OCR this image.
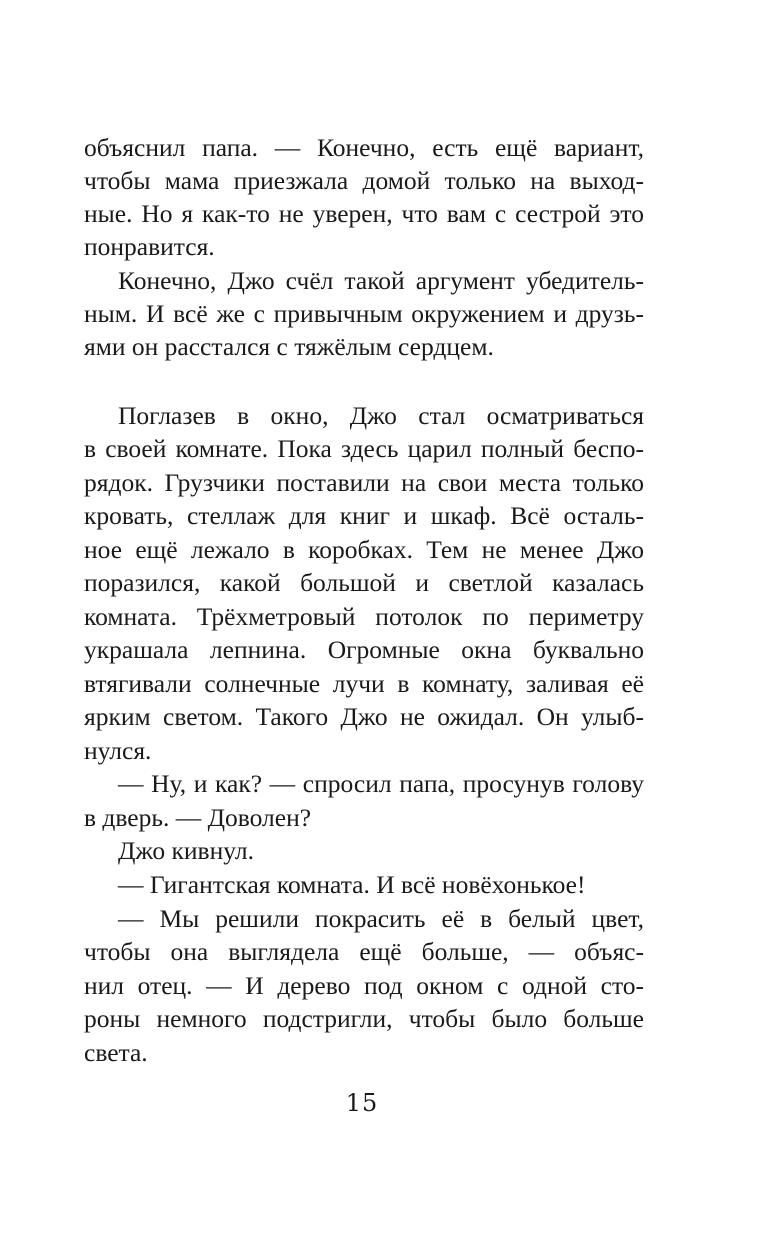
объяснил папа. — Конечно, есть ещё вариант,
чтобы мама приезжала домой только на выход-
ные. Но я как-то не уверен, что вам с сестрой это
понравится.
Конечно, Джо счёл такой аргумент убедитель-
ным. И всё же с привычным окружением и друзь-
ями он расстался с тяжёлым сердцем.
Поглазев в окно, Джо стал осматриваться
в своей комнате. Пока здесь царил полный беспо-
рядок. Грузчики поставили на свои места только
кровать, стеллаж для книг и шкаф. Всё осталь-
ное ещё лежало в коробках. Тем не менее Джо
поразился, какой большой и светлой казалась
комната. Трёхметровый потолок по периметру
украшала лепнина. Огромные окна буквально
втягивали солнечные лучи в комнату, заливая её
ярким светом. Такого Джо не ожидал. Он улыб-
нулся.
— Ну, и как? — спросил папа, просунув голову
в дверь. — Доволен?
Джо кивнул.
— Гигантская комната. И всё новёхонькое!
— Мы решили покрасить её в белый цвет,
чтобы она выглядела ещё больше, — объяс-
нил отец. — И дерево под окном с одной сто-
роны немного подстригли, чтобы было больше
света.
15
